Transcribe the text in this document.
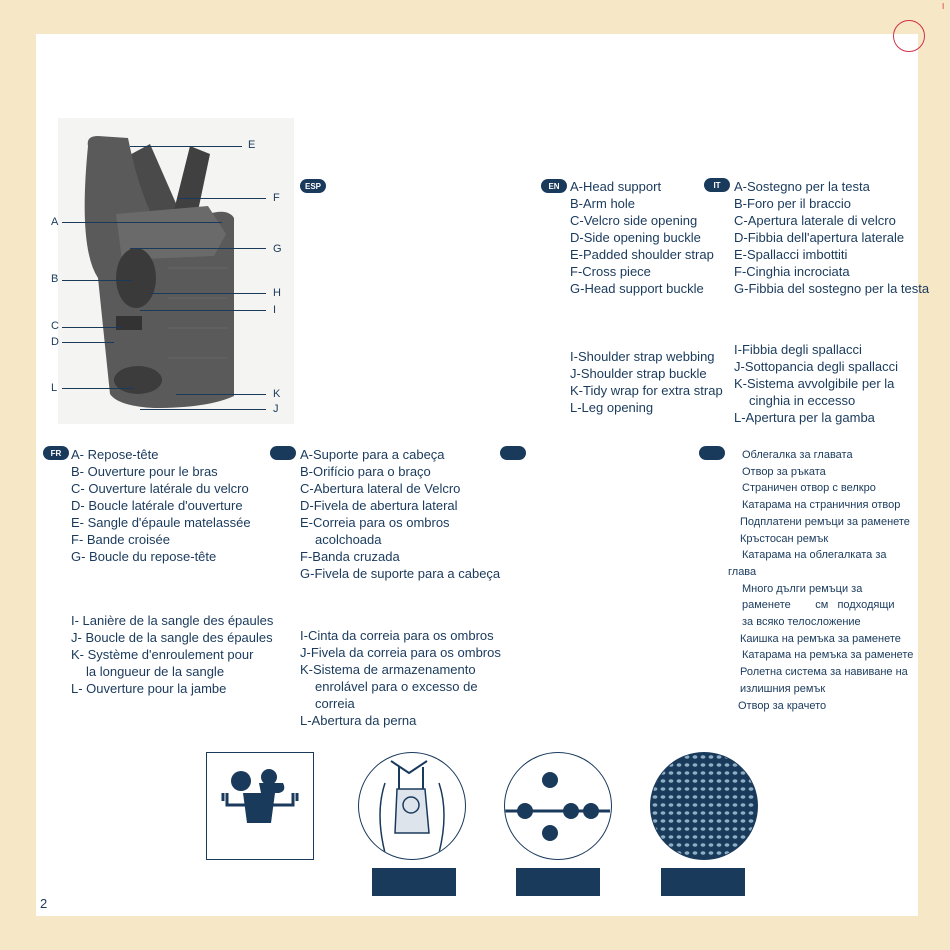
I
E
F
A
G
B
H
I
C
D
L	K
J
ESP	EN	IT
FR
A-Head support
B-Arm hole
C-Velcro side opening
D-Side opening buckle
E-Padded shoulder strap
F-Cross piece
G-Head support buckle
I-Shoulder strap webbing
J-Shoulder strap buckle
K-Tidy wrap for extra strap
L-Leg opening
A-Sostegno per la testa
B-Foro per il braccio
C-Apertura laterale di velcro
D-Fibbia dell'apertura laterale
E-Spallacci imbottiti
F-Cinghia incrociata
G-Fibbia del sostegno per la testa
I-Fibbia degli spallacci
J-Sottopancia degli spallacci
K-Sistema avvolgibile per la
cinghia in eccesso
L-Apertura per la gamba
A- Repose-tête
B- Ouverture pour le bras
C- Ouverture latérale du velcro
D- Boucle latérale d'ouverture
E- Sangle d'épaule matelassée
F- Bande croisée
G- Boucle du repose-tête
I- Lanière de la sangle des épaules
J- Boucle de la sangle des épaules
K- Système d'enroulement pour
la longueur de la sangle
L- Ouverture pour la jambe
A-Suporte para a cabeça
B-Orifício para o braço
C-Abertura lateral de Velcro
D-Fivela de abertura lateral
E-Correia para os ombros
acolchoada
F-Banda cruzada
G-Fivela de suporte para a cabeça
I-Cinta da correia para os ombros
J-Fivela da correia para os ombros
K-Sistema de armazenamento
enrolável para o excesso de
correia
L-Abertura da perna
Облегалка за главата
Отвор за ръката
Страничен отвор с велкро
Катарама на страничния отвор
Подплатени ремъци за раменете
Кръстосан ремък
Катарама на облегалката за
глава
Много дълги ремъци за
раменете        см   подходящи
за всяко телосложение
Каишка на ремъка за раменете
Катарама на ремъка за раменете
Ролетна система за навиване на
излишния ремък
Отвор за крачето
2
